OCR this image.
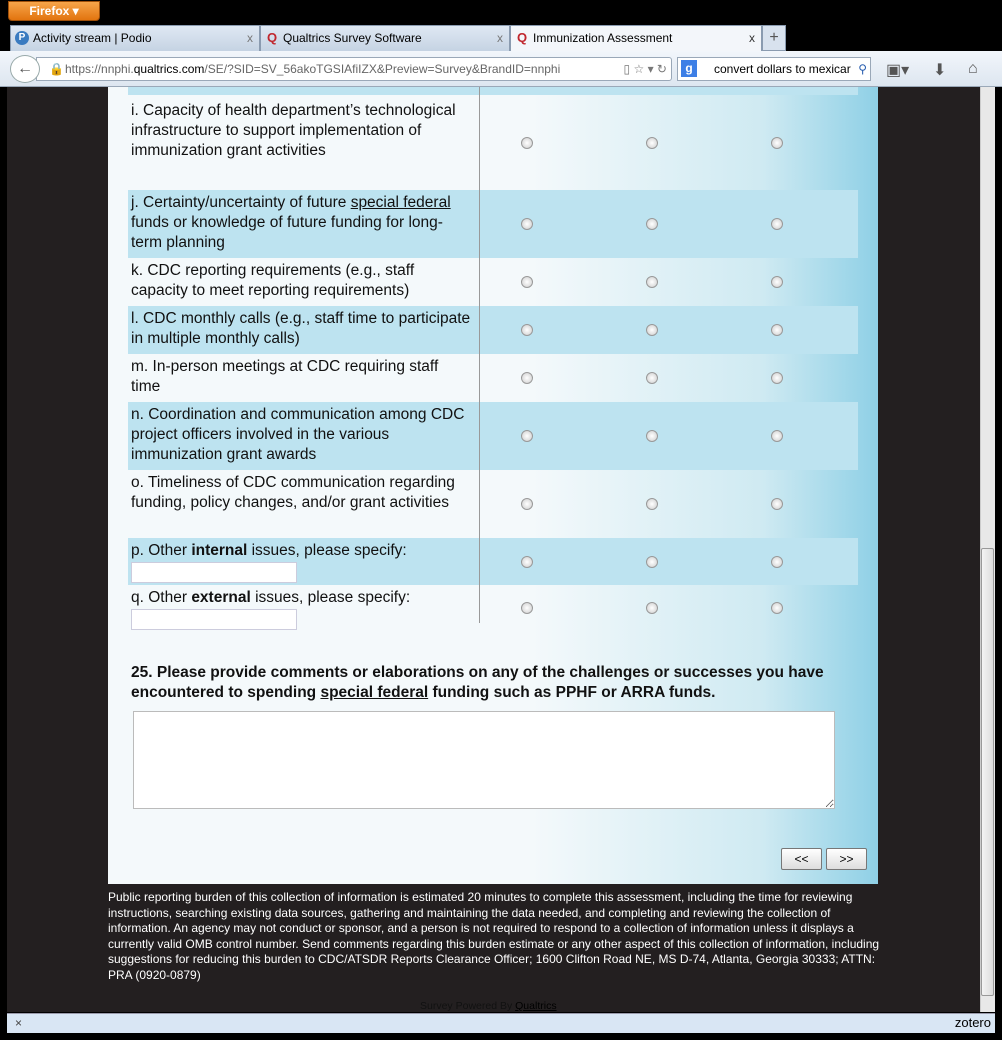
Firefox ▾
P Activity stream | Podio	x Q Qualtrics Survey Software	x Q Immunization Assessment	x +
🔒 https://nnphi.qualtrics.com/SE/?SID=SV_56akoTGSIAfiIZX&Preview=Survey&BrandID=nnphi	▯ ☆ ▾ ↻
←	convert dollars to mexicar ⚲
g	▣▾ ⬇ ⌂
i. Capacity of health department’s technological infrastructure to support implementation of immunization grant activities
j. Certainty/uncertainty of future special federal funds or knowledge of future funding for long-term planning
k. CDC reporting requirements (e.g., staff capacity to meet reporting requirements)
l. CDC monthly calls (e.g., staff time to participate in multiple monthly calls)
m. In-person meetings at CDC requiring staff time
n. Coordination and communication among CDC project officers involved in the various immunization grant awards
o. Timeliness of CDC communication regarding funding, policy changes, and/or grant activities
p. Other internal issues, please specify:
q. Other external issues, please specify:
25. Please provide comments or elaborations on any of the challenges or successes you have encountered to spending special federal funding such as PPHF or ARRA funds.
<<	>>
Public reporting burden of this collection of information is estimated 20 minutes to complete this assessment, including the time for reviewing instructions, searching existing data sources, gathering and maintaining the data needed, and completing and reviewing the collection of information. An agency may not conduct or sponsor, and a person is not required to respond to a collection of information unless it displays a currently valid OMB control number. Send comments regarding this burden estimate or any other aspect of this collection of information, including suggestions for reducing this burden to CDC/ATSDR Reports Clearance Officer; 1600 Clifton Road NE, MS D-74, Atlanta, Georgia 30333; ATTN: PRA (0920-0879)
Survey Powered By Qualtrics
×	zotero
